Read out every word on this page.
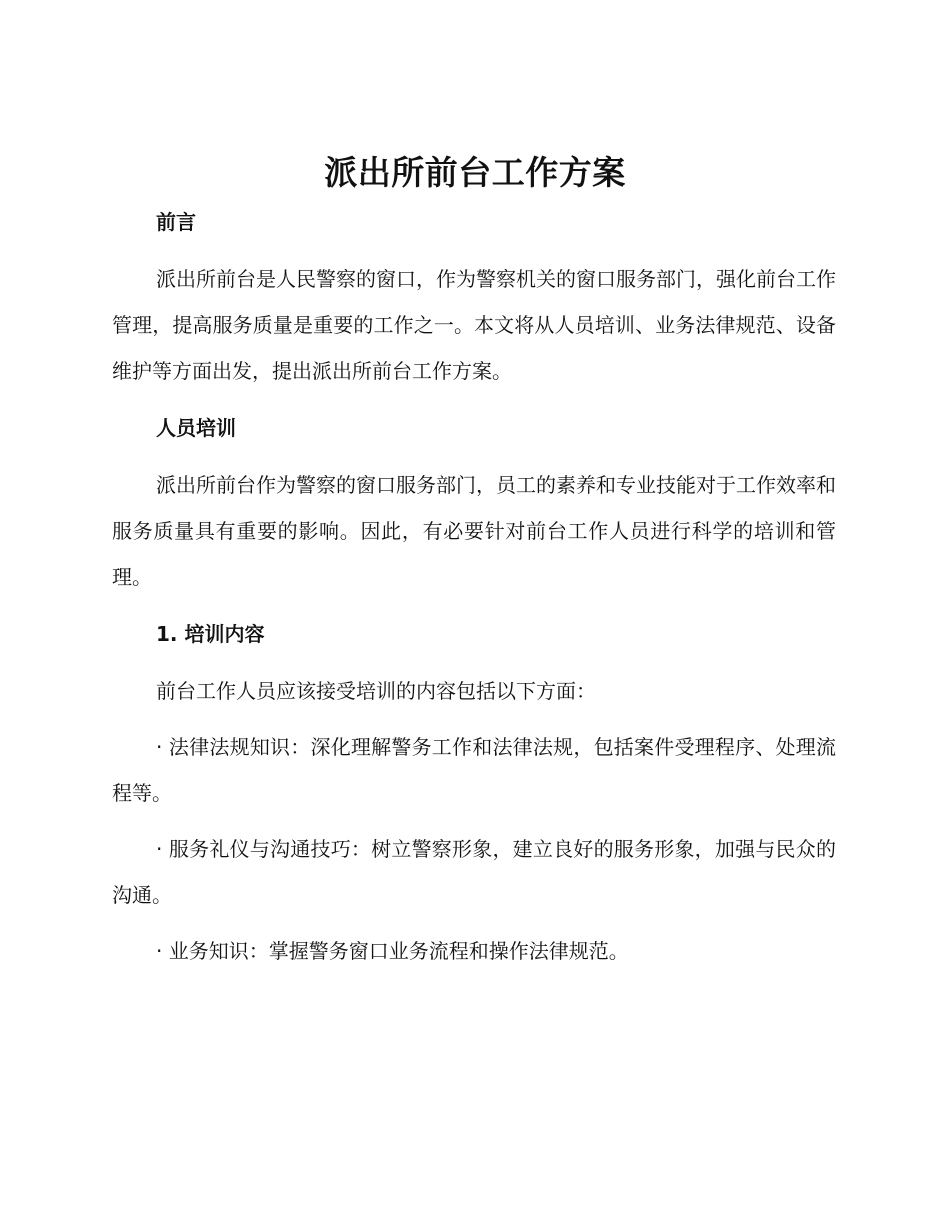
派出所前台工作方案
前言

派出所前台是人民警察的窗口，作为警察机关的窗口服务部门，强化前台工作管理，提高服务质量是重要的工作之一。本文将从人员培训、业务法律规范、设备维护等方面出发，提出派出所前台工作方案。

人员培训

派出所前台作为警察的窗口服务部门，员工的素养和专业技能对于工作效率和服务质量具有重要的影响。因此，有必要针对前台工作人员进行科学的培训和管理。

1. 培训内容

前台工作人员应该接受培训的内容包括以下方面：

· 法律法规知识：深化理解警务工作和法律法规，包括案件受理程序、处理流程等。

· 服务礼仪与沟通技巧：树立警察形象，建立良好的服务形象，加强与民众的沟通。

· 业务知识：掌握警务窗口业务流程和操作法律规范。
